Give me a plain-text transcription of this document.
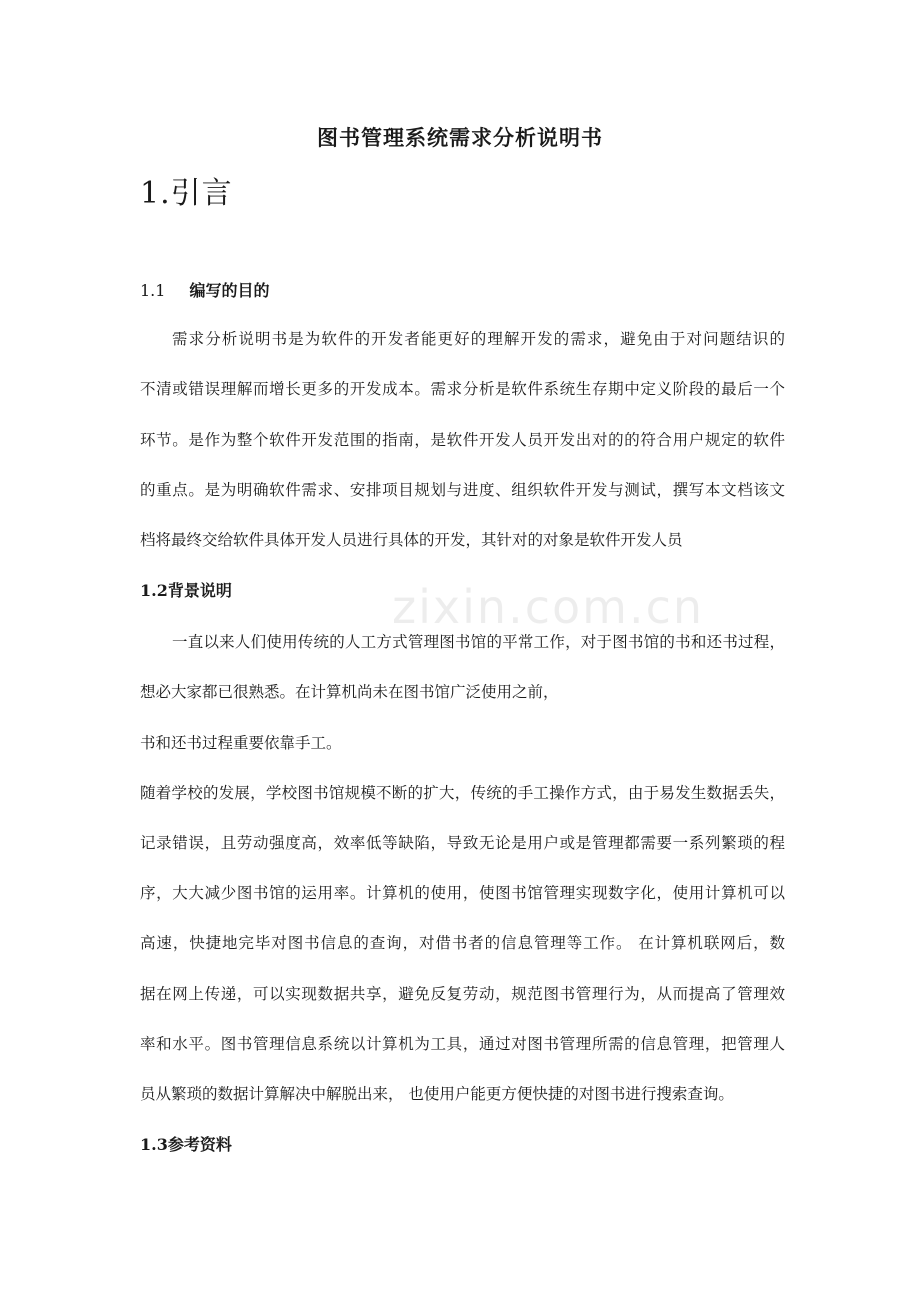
zixin.com.cn
图书管理系统需求分析说明书
1.引言
1.1 编写的目的
需求分析说明书是为软件的开发者能更好的理解开发的需求，避免由于对问题结识的
不清或错误理解而增长更多的开发成本。需求分析是软件系统生存期中定义阶段的最后一个
环节。是作为整个软件开发范围的指南，是软件开发人员开发出对的的符合用户规定的软件
的重点。是为明确软件需求、安排项目规划与进度、组织软件开发与测试，撰写本文档该文
档将最终交给软件具体开发人员进行具体的开发，其针对的对象是软件开发人员
1.2背景说明
一直以来人们使用传统的人工方式管理图书馆的平常工作，对于图书馆的书和还书过程，
想必大家都已很熟悉。在计算机尚未在图书馆广泛使用之前，
书和还书过程重要依靠手工。
随着学校的发展，学校图书馆规模不断的扩大，传统的手工操作方式，由于易发生数据丢失，
记录错误，且劳动强度高，效率低等缺陷，导致无论是用户或是管理都需要一系列繁琐的程
序，大大减少图书馆的运用率。计算机的使用，使图书馆管理实现数字化，使用计算机可以
高速，快捷地完毕对图书信息的查询，对借书者的信息管理等工作。 在计算机联网后，数
据在网上传递，可以实现数据共享，避免反复劳动，规范图书管理行为，从而提高了管理效
率和水平。图书管理信息系统以计算机为工具，通过对图书管理所需的信息管理，把管理人
员从繁琐的数据计算解决中解脱出来， 也使用户能更方便快捷的对图书进行搜索查询。
1.3参考资料
